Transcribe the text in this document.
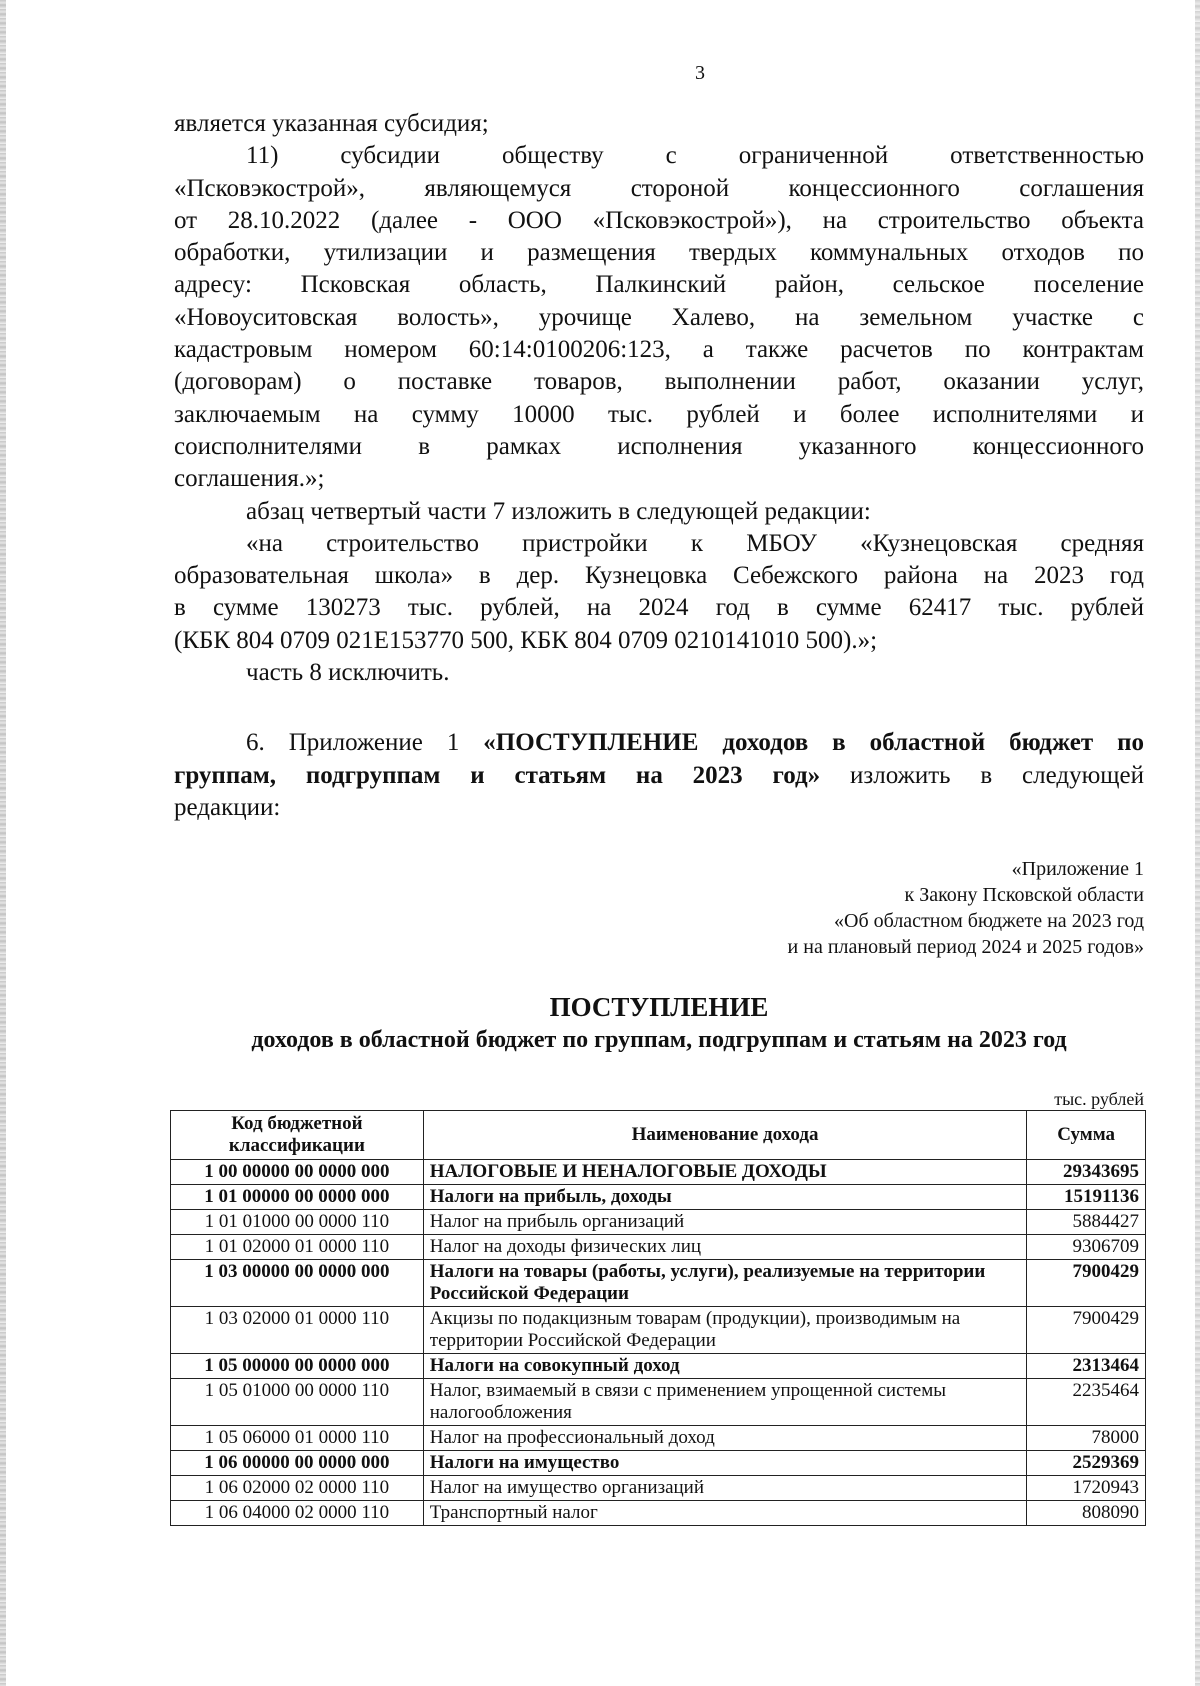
3

является указанная субсидия;

11) субсидии обществу с ограниченной ответственностью

«Псковэкострой», являющемуся стороной концессионного соглашения

от 28.10.2022 (далее - ООО «Псковэкострой»), на строительство объекта

обработки, утилизации и размещения твердых коммунальных отходов по

адресу: Псковская область, Палкинский район, сельское поселение

«Новоуситовская волость», урочище Халево, на земельном участке с

кадастровым номером 60:14:0100206:123, а также расчетов по контрактам

(договорам) о поставке товаров, выполнении работ, оказании услуг,

заключаемым на сумму 10000 тыс. рублей и более исполнителями и

соисполнителями в рамках исполнения указанного концессионного

соглашения.»;

абзац четвертый части 7 изложить в следующей редакции:

«на строительство пристройки к МБОУ «Кузнецовская средняя

образовательная школа» в дер. Кузнецовка Себежского района на 2023 год

в сумме 130273 тыс. рублей, на 2024 год в сумме 62417 тыс. рублей

(КБК 804 0709 021Е153770 500, КБК 804 0709 0210141010 500).»;

часть 8 исключить.

6. Приложение 1 «ПОСТУПЛЕНИЕ доходов в областной бюджет по

группам, подгруппам и статьям на 2023 год» изложить в следующей

редакции:

«Приложение 1
к Закону Псковской области
«Об областном бюджете на 2023 год
и на плановый период 2024 и 2025 годов»
ПОСТУПЛЕНИЕ
доходов в областной бюджет по группам, подгруппам и статьям на 2023 год
тыс. рублей
Код бюджетной классификации	Наименование дохода	Сумма
1 00 00000 00 0000 000	НАЛОГОВЫЕ И НЕНАЛОГОВЫЕ ДОХОДЫ	29343695
1 01 00000 00 0000 000	Налоги на прибыль, доходы	15191136
1 01 01000 00 0000 110	Налог на прибыль организаций	5884427
1 01 02000 01 0000 110	Налог на доходы физических лиц	9306709
1 03 00000 00 0000 000	Налоги на товары (работы, услуги), реализуемые на территории Российской Федерации	7900429
1 03 02000 01 0000 110	Акцизы по подакцизным товарам (продукции), производимым на территории Российской Федерации	7900429
1 05 00000 00 0000 000	Налоги на совокупный доход	2313464
1 05 01000 00 0000 110	Налог, взимаемый в связи с применением упрощенной системы налогообложения	2235464
1 05 06000 01 0000 110	Налог на профессиональный доход	78000
1 06 00000 00 0000 000	Налоги на имущество	2529369
1 06 02000 02 0000 110	Налог на имущество организаций	1720943
1 06 04000 02 0000 110	Транспортный налог	808090
